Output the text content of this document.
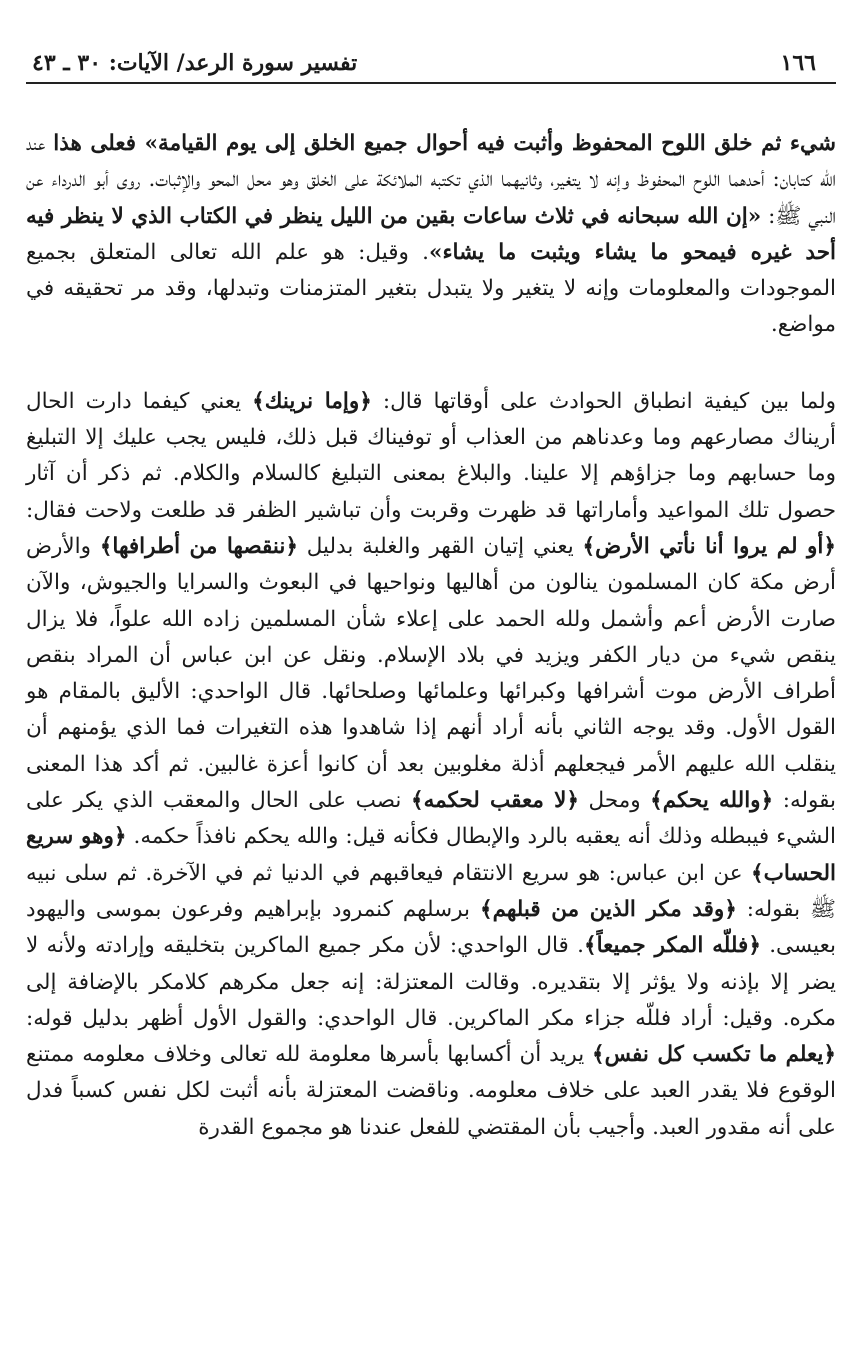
١٦٦
تفسير سورة الرعد/ الآيات: ٣٠ ـ ٤٣

شيء ثم خلق اللوح المحفوظ وأثبت فيه أحوال جميع الخلق إلى يوم القيامة» فعلى هذا عند الله كتابان: أحدهما اللوح المحفوظ وإنه لا يتغير، وثانيهما الذي تكتبه الملائكة على الخلق وهو محل المحو والإثبات. روى أبو الدرداء عن النبي ﷺ: «إن الله سبحانه في ثلاث ساعات بقين من الليل ينظر في الكتاب الذي لا ينظر فيه أحد غيره فيمحو ما يشاء ويثبت ما يشاء». وقيل: هو علم الله تعالى المتعلق بجميع الموجودات والمعلومات وإنه لا يتغير ولا يتبدل بتغير المتزمنات وتبدلها، وقد مر تحقيقه في مواضع.

ولما بين كيفية انطباق الحوادث على أوقاتها قال: ﴿وإما نرينك﴾ يعني كيفما دارت الحال أريناك مصارعهم وما وعدناهم من العذاب أو توفيناك قبل ذلك، فليس يجب عليك إلا التبليغ وما حسابهم وما جزاؤهم إلا علينا. والبلاغ بمعنى التبليغ كالسلام والكلام. ثم ذكر أن آثار حصول تلك المواعيد وأماراتها قد ظهرت وقربت وأن تباشير الظفر قد طلعت ولاحت فقال: ﴿أو لم يروا أنا نأتي الأرض﴾ يعني إتيان القهر والغلبة بدليل ﴿ننقصها من أطرافها﴾ والأرض أرض مكة كان المسلمون ينالون من أهاليها ونواحيها في البعوث والسرايا والجيوش، والآن صارت الأرض أعم وأشمل ولله الحمد على إعلاء شأن المسلمين زاده الله علواً، فلا يزال ينقص شيء من ديار الكفر ويزيد في بلاد الإسلام. ونقل عن ابن عباس أن المراد بنقص أطراف الأرض موت أشرافها وكبرائها وعلمائها وصلحائها. قال الواحدي: الأليق بالمقام هو القول الأول. وقد يوجه الثاني بأنه أراد أنهم إذا شاهدوا هذه التغيرات فما الذي يؤمنهم أن ينقلب الله عليهم الأمر فيجعلهم أذلة مغلوبين بعد أن كانوا أعزة غالبين. ثم أكد هذا المعنى بقوله: ﴿والله يحكم﴾ ومحل ﴿لا معقب لحكمه﴾ نصب على الحال والمعقب الذي يكر على الشيء فيبطله وذلك أنه يعقبه بالرد والإبطال فكأنه قيل: والله يحكم نافذاً حكمه. ﴿وهو سريع الحساب﴾ عن ابن عباس: هو سريع الانتقام فيعاقبهم في الدنيا ثم في الآخرة. ثم سلى نبيه ﷺ بقوله: ﴿وقد مكر الذين من قبلهم﴾ برسلهم كنمرود بإبراهيم وفرعون بموسى واليهود بعيسى. ﴿فللّه المكر جميعاً﴾. قال الواحدي: لأن مكر جميع الماكرين بتخليقه وإرادته ولأنه لا يضر إلا بإذنه ولا يؤثر إلا بتقديره. وقالت المعتزلة: إنه جعل مكرهم كلامكر بالإضافة إلى مكره. وقيل: أراد فللّه جزاء مكر الماكرين. قال الواحدي: والقول الأول أظهر بدليل قوله: ﴿يعلم ما تكسب كل نفس﴾ يريد أن أكسابها بأسرها معلومة لله تعالى وخلاف معلومه ممتنع الوقوع فلا يقدر العبد على خلاف معلومه. وناقضت المعتزلة بأنه أثبت لكل نفس كسباً فدل على أنه مقدور العبد. وأجيب بأن المقتضي للفعل عندنا هو مجموع القدرة
